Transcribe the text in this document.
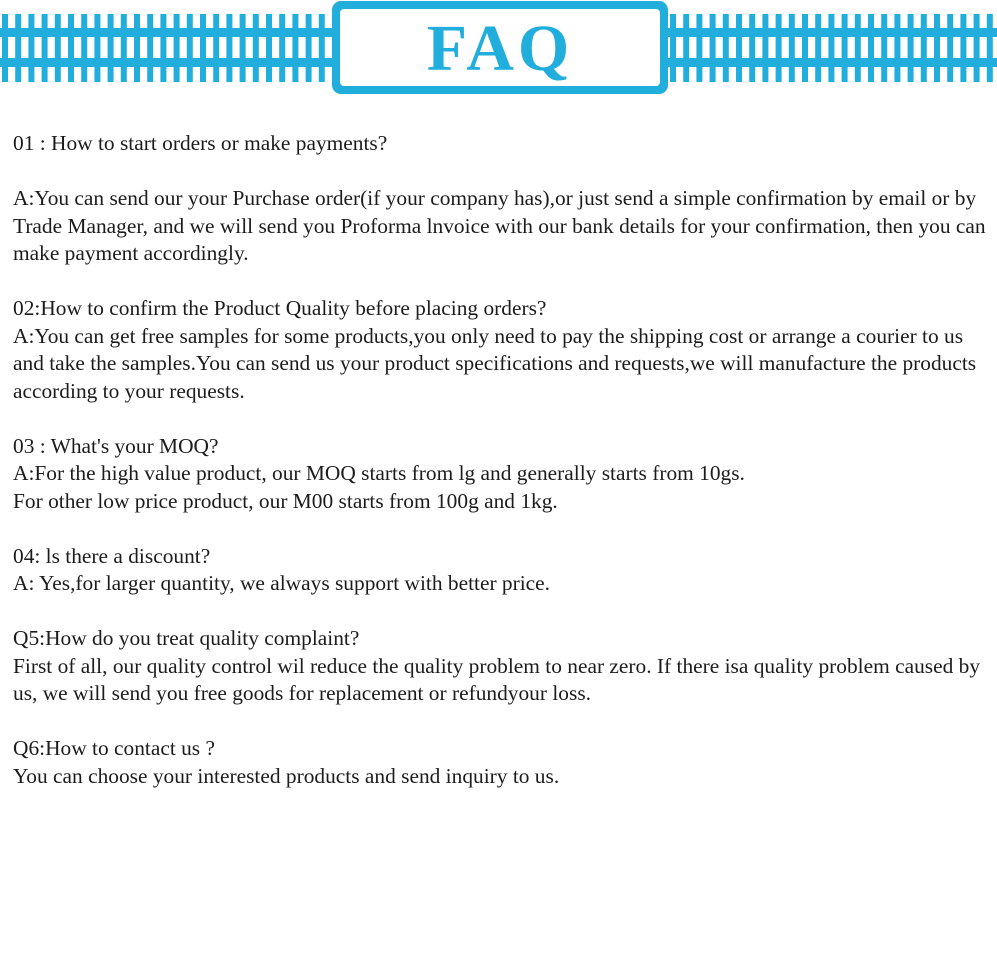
FAQ

01 : How to start orders or make payments?

A:You can send our your Purchase order(if your company has),or just send a simple confirmation by email or by Trade Manager, and we will send you Proforma lnvoice with our bank details for your confirmation, then you can make payment accordingly.

02:How to confirm the Product Quality before placing orders?

A:You can get free samples for some products,you only need to pay the shipping cost or arrange a courier to us and take the samples.You can send us your product specifications and requests,we will manufacture the products according to your requests.

03 : What's your MOQ?

A:For the high value product, our MOQ starts from lg and generally starts from 10gs.

For other low price product, our M00 starts from 100g and 1kg.

04: ls there a discount?

A: Yes,for larger quantity, we always support with better price.

Q5:How do you treat quality complaint?

First of all, our quality control wil reduce the quality problem to near zero. If there isa quality problem caused by us, we will send you free goods for replacement or refundyour loss.

Q6:How to contact us ?

You can choose your interested products and send inquiry to us.
